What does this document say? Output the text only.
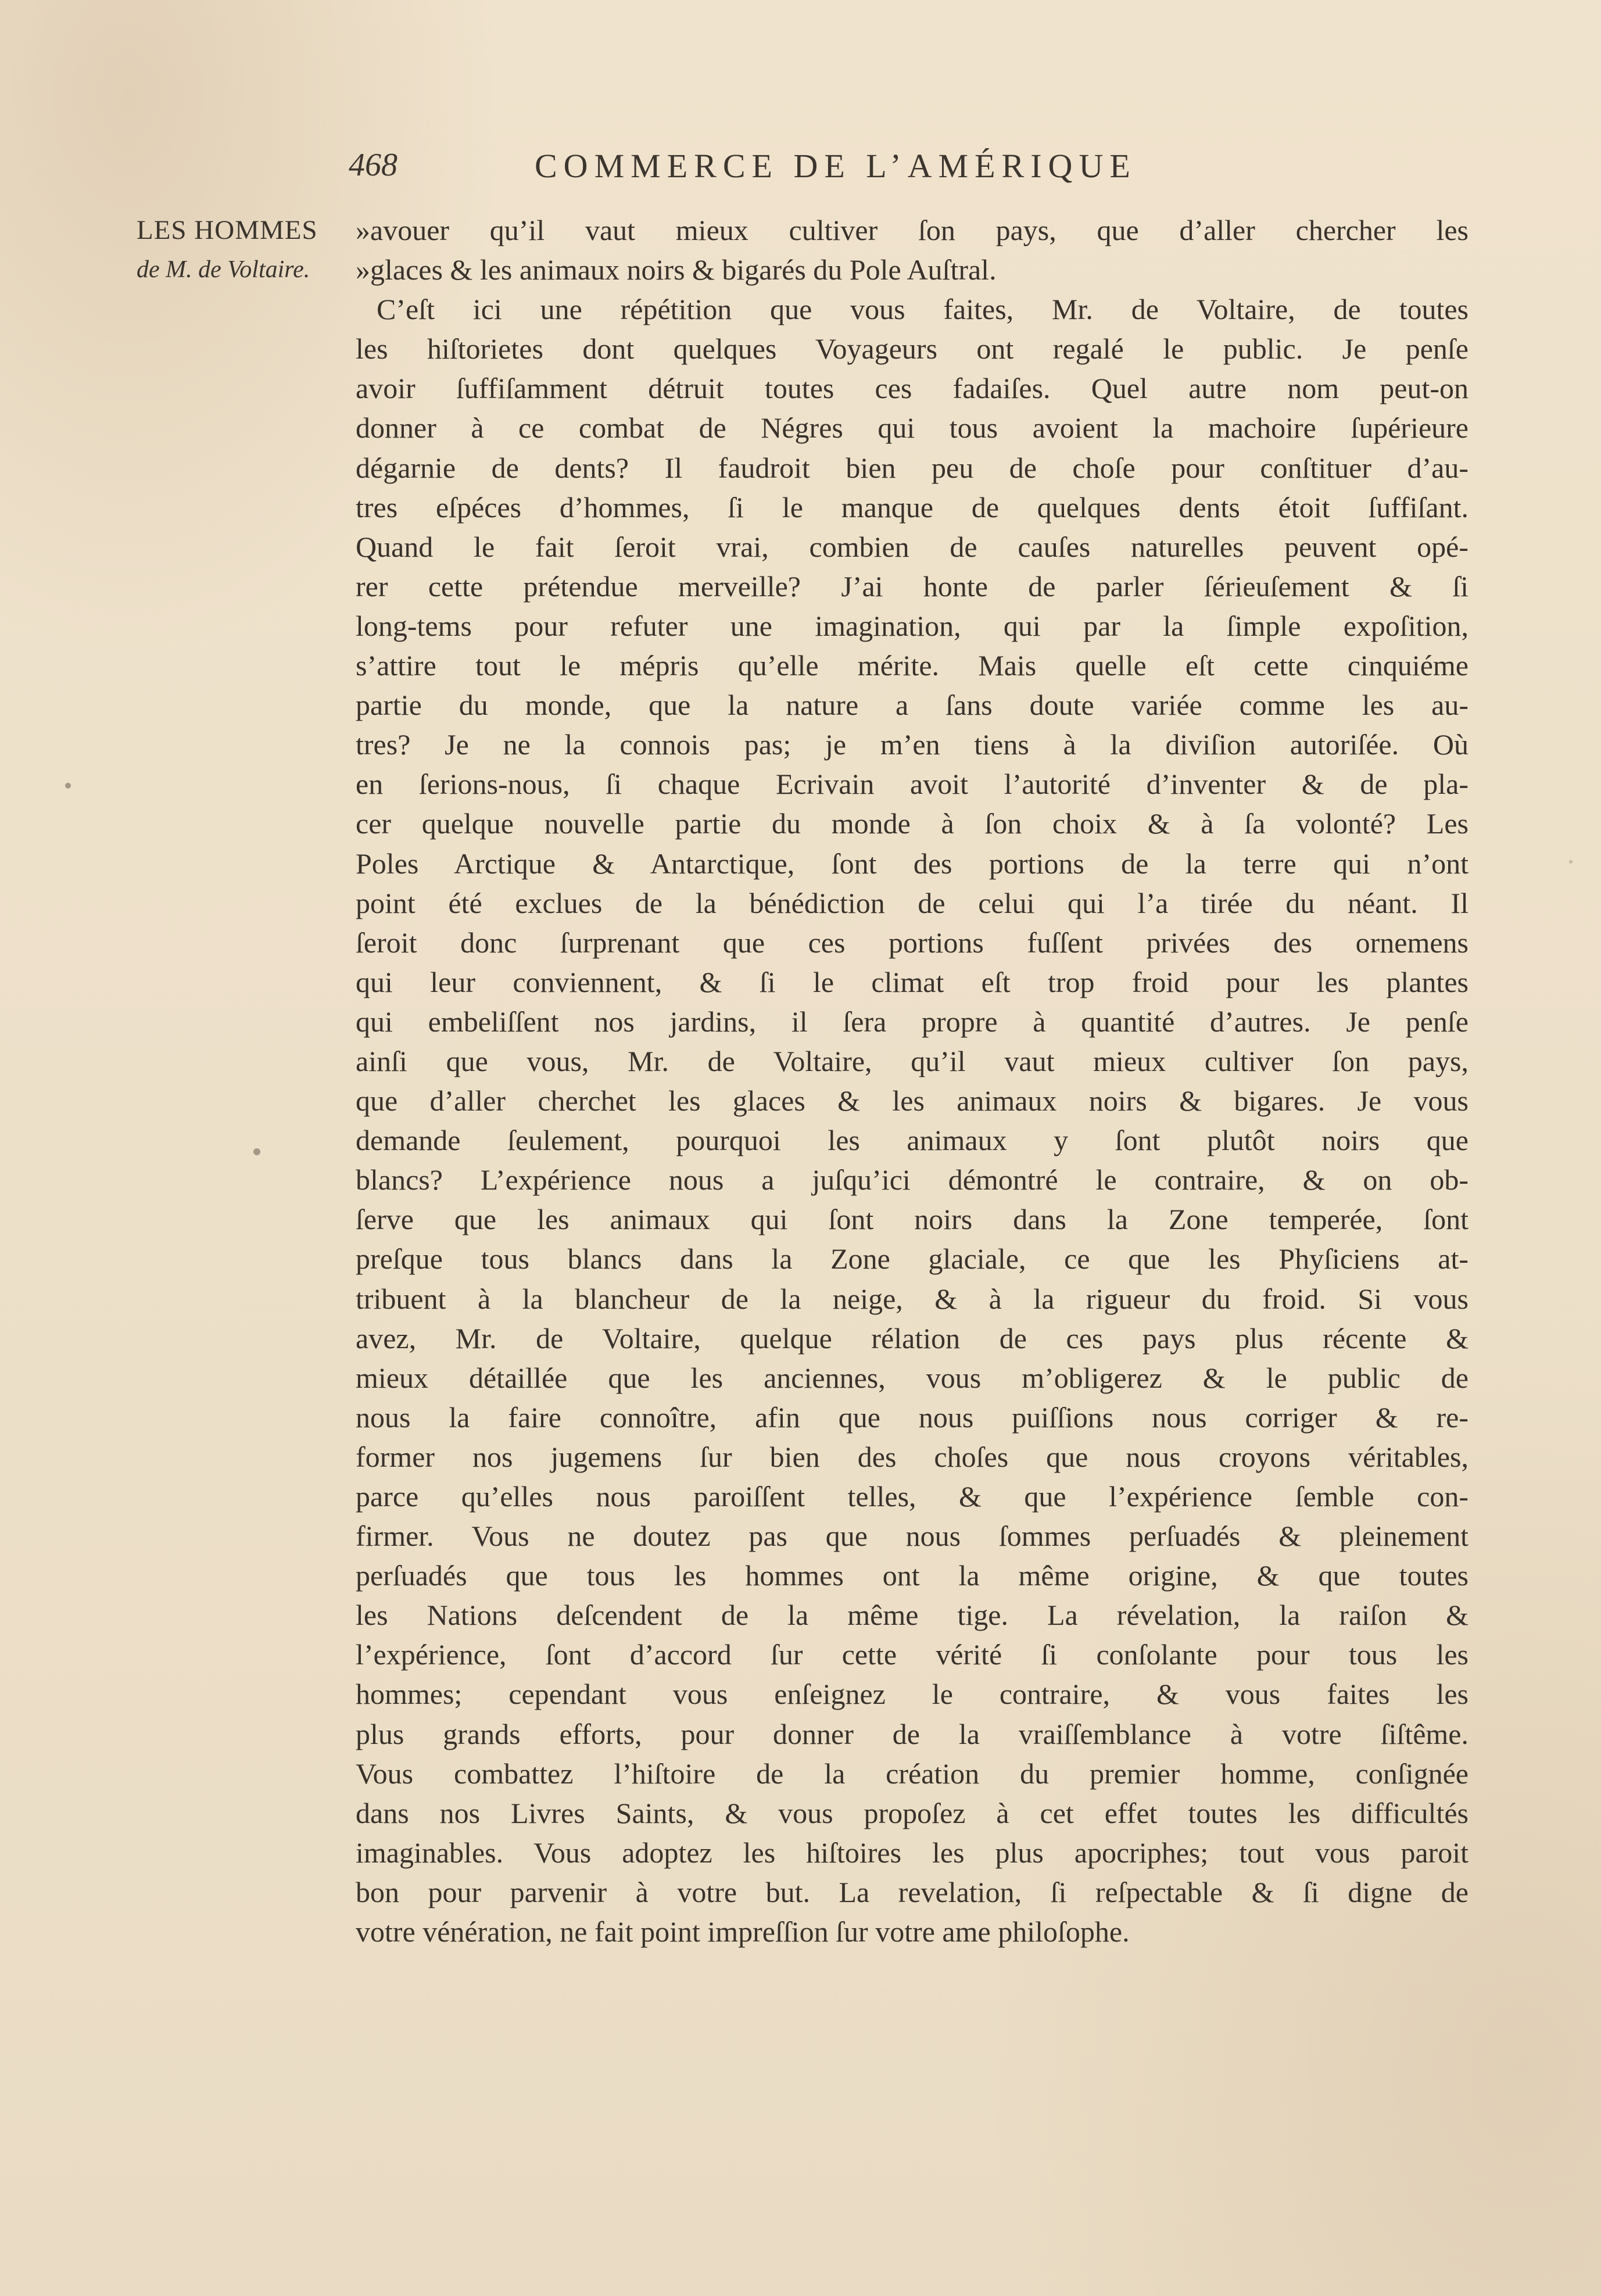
468	COMMERCE DE L’AMÉRIQUE
LES HOMMES
de M. de Voltaire.
»avouer qu’il vaut mieux cultiver ſon pays, que d’aller chercher les
»glaces & les animaux noirs & bigarés du Pole Auſtral.
C’eſt ici une répétition que vous faites, Mr. de Voltaire, de toutes
les hiſtorietes dont quelques Voyageurs ont regalé le public. Je penſe
avoir ſuffiſamment détruit toutes ces fadaiſes. Quel autre nom peut-on
donner à ce combat de Négres qui tous avoient la machoire ſupérieure
dégarnie de dents? Il faudroit bien peu de choſe pour conſtituer d’au-
tres eſpéces d’hommes, ſi le manque de quelques dents étoit ſuffiſant.
Quand le fait ſeroit vrai, combien de cauſes naturelles peuvent opé-
rer cette prétendue merveille? J’ai honte de parler ſérieuſement & ſi
long-tems pour refuter une imagination, qui par la ſimple expoſition,
s’attire tout le mépris qu’elle mérite. Mais quelle eſt cette cinquiéme
partie du monde, que la nature a ſans doute variée comme les au-
tres? Je ne la connois pas; je m’en tiens à la diviſion autoriſée. Où
en ſerions-nous, ſi chaque Ecrivain avoit l’autorité d’inventer & de pla-
cer quelque nouvelle partie du monde à ſon choix & à ſa volonté? Les
Poles Arctique & Antarctique, ſont des portions de la terre qui n’ont
point été exclues de la bénédiction de celui qui l’a tirée du néant. Il
ſeroit donc ſurprenant que ces portions fuſſent privées des ornemens
qui leur conviennent, & ſi le climat eſt trop froid pour les plantes
qui embeliſſent nos jardins, il ſera propre à quantité d’autres. Je penſe
ainſi que vous, Mr. de Voltaire, qu’il vaut mieux cultiver ſon pays,
que d’aller cherchet les glaces & les animaux noirs & bigares. Je vous
demande ſeulement, pourquoi les animaux y ſont plutôt noirs que
blancs? L’expérience nous a juſqu’ici démontré le contraire, & on ob-
ſerve que les animaux qui ſont noirs dans la Zone temperée, ſont
preſque tous blancs dans la Zone glaciale, ce que les Phyſiciens at-
tribuent à la blancheur de la neige, & à la rigueur du froid. Si vous
avez, Mr. de Voltaire, quelque rélation de ces pays plus récente &
mieux détaillée que les anciennes, vous m’obligerez & le public de
nous la faire connoître, afin que nous puiſſions nous corriger & re-
former nos jugemens ſur bien des choſes que nous croyons véritables,
parce qu’elles nous paroiſſent telles, & que l’expérience ſemble con-
firmer. Vous ne doutez pas que nous ſommes perſuadés & pleinement
perſuadés que tous les hommes ont la même origine, & que toutes
les Nations deſcendent de la même tige. La révelation, la raiſon &
l’expérience, ſont d’accord ſur cette vérité ſi conſolante pour tous les
hommes; cependant vous enſeignez le contraire, & vous faites les
plus grands efforts, pour donner de la vraiſſemblance à votre ſiſtême.
Vous combattez l’hiſtoire de la création du premier homme, conſignée
dans nos Livres Saints, & vous propoſez à cet effet toutes les difficultés
imaginables. Vous adoptez les hiſtoires les plus apocriphes; tout vous paroit
bon pour parvenir à votre but. La revelation, ſi reſpectable & ſi digne de
votre vénération, ne fait point impreſſion ſur votre ame philoſophe.
